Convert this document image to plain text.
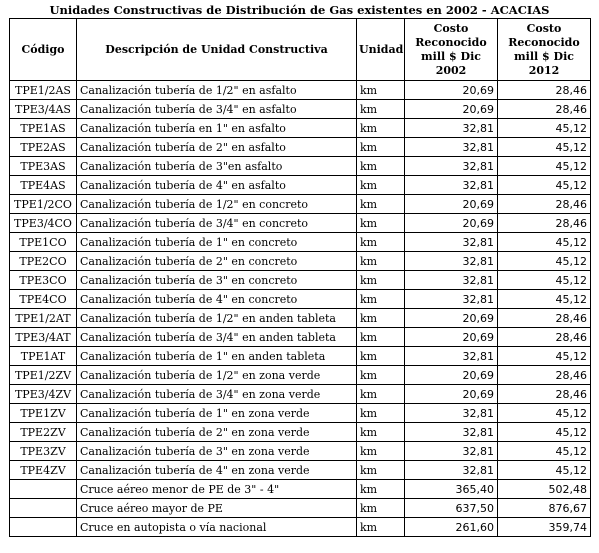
Unidades Constructivas de Distribución de Gas existentes en 2002 - ACACIAS
Código	Descripción de Unidad Constructiva	Unidad	Costo Reconocido mill $ Dic 2002	Costo Reconocido mill $ Dic 2012
TPE1/2AS	Canalización tubería de 1/2" en asfalto	km	20,69	28,46
TPE3/4AS	Canalización tubería de 3/4" en asfalto	km	20,69	28,46
TPE1AS	Canalización tubería en 1" en asfalto	km	32,81	45,12
TPE2AS	Canalización tubería de 2" en asfalto	km	32,81	45,12
TPE3AS	Canalización tubería de 3"en asfalto	km	32,81	45,12
TPE4AS	Canalización tubería de 4" en asfalto	km	32,81	45,12
TPE1/2CO	Canalización tubería de 1/2" en concreto	km	20,69	28,46
TPE3/4CO	Canalización tubería de 3/4" en concreto	km	20,69	28,46
TPE1CO	Canalización tubería de 1" en concreto	km	32,81	45,12
TPE2CO	Canalización tubería de 2" en concreto	km	32,81	45,12
TPE3CO	Canalización tubería de 3" en concreto	km	32,81	45,12
TPE4CO	Canalización tubería de 4" en concreto	km	32,81	45,12
TPE1/2AT	Canalización tubería de 1/2" en anden tableta	km	20,69	28,46
TPE3/4AT	Canalización tubería de 3/4" en anden tableta	km	20,69	28,46
TPE1AT	Canalización tubería de 1" en anden tableta	km	32,81	45,12
TPE1/2ZV	Canalización tubería de 1/2" en zona verde	km	20,69	28,46
TPE3/4ZV	Canalización tubería de 3/4" en zona verde	km	20,69	28,46
TPE1ZV	Canalización tubería de 1" en zona verde	km	32,81	45,12
TPE2ZV	Canalización tubería de 2" en zona verde	km	32,81	45,12
TPE3ZV	Canalización tubería de 3" en zona verde	km	32,81	45,12
TPE4ZV	Canalización tubería de 4" en zona verde	km	32,81	45,12
	Cruce aéreo menor de PE de 3" - 4"	km	365,40	502,48
	Cruce aéreo mayor de PE	km	637,50	876,67
	Cruce en autopista o vía nacional	km	261,60	359,74
